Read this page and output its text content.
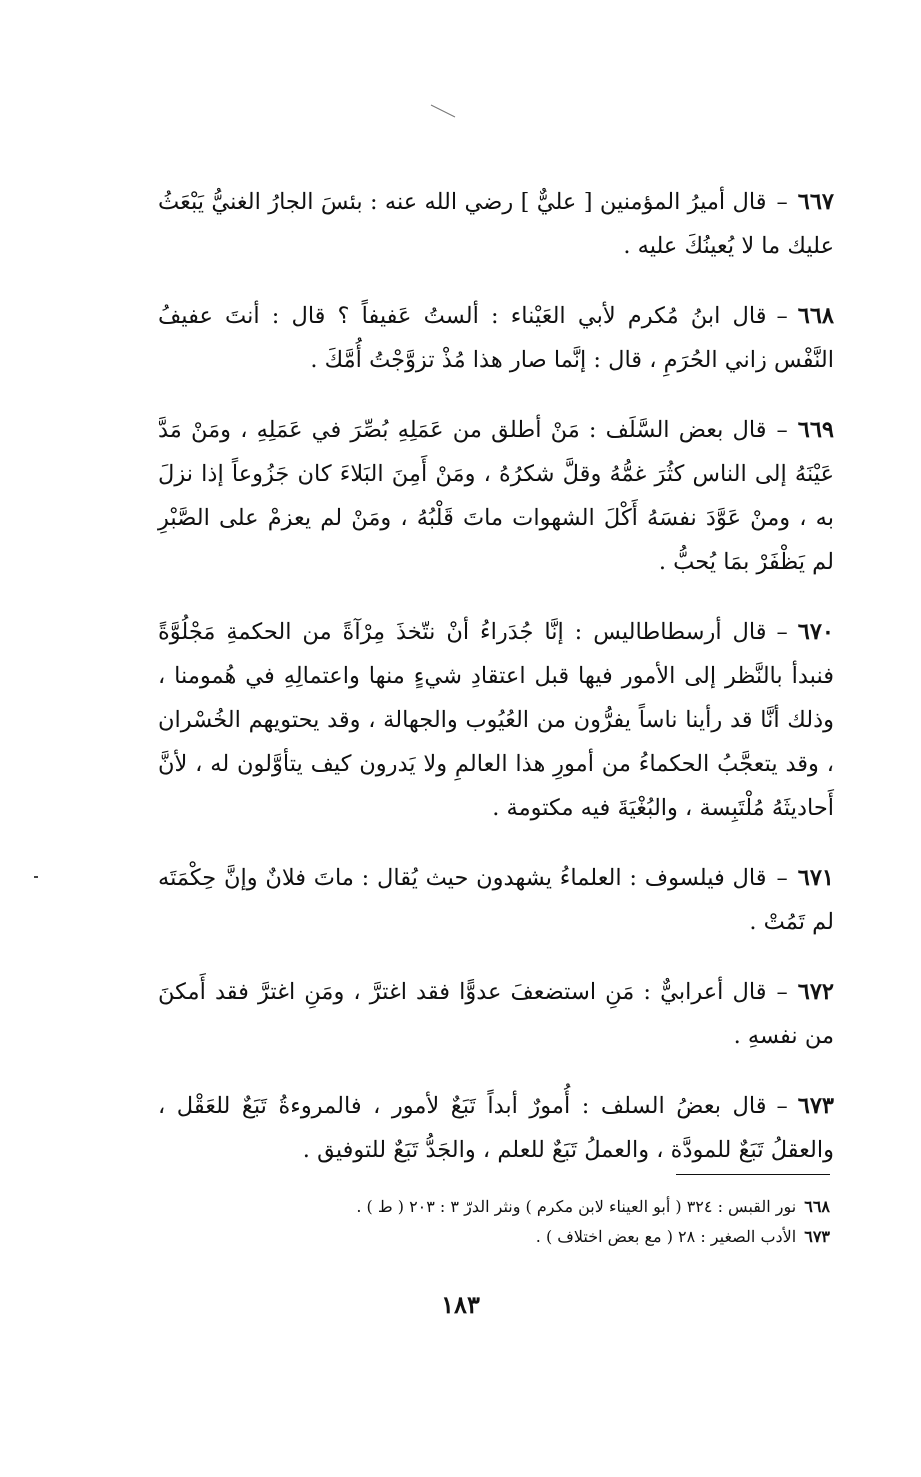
٦٦٧–قال أميرُ المؤمنين [ عليٌّ ] رضي الله عنه : بئسَ الجارُ الغنيُّ يَبْعَثُ عليك ما لا يُعينُكَ عليه .

٦٦٨–قال ابنُ مُكرم لأبي العَيْناء : ألستُ عَفيفاً ؟ قال : أنتَ عفيفُ النَّفْس زاني الحُرَمِ ، قال : إنَّما صار هذا مُذْ تزوَّجْتُ أُمَّكَ .

٦٦٩–قال بعض السَّلَف : مَنْ أطلق من عَمَلِهِ بُصِّرَ في عَمَلِهِ ، ومَنْ مَدَّ عَيْنَهُ إلى الناس كثُرَ غمُّهُ وقلَّ شكرُهُ ، ومَنْ أَمِنَ البَلاءَ كان جَزُوعاً إذا نزلَ به ، ومنْ عَوَّدَ نفسَهُ أَكْلَ الشهوات ماتَ قَلْبُهُ ، ومَنْ لم يعزمْ على الصَّبْرِ لم يَظْفَرْ بمَا يُحبُّ .

٦٧٠–قال أرسطاطاليس : إنَّا جُدَراءُ أنْ نتّخذَ مِرْآةً من الحكمةِ مَجْلُوَّةً فنبدأ بالنَّظر إلى الأمور فيها قبل اعتقادِ شيءٍ منها واعتمالِهِ في هُمومنا ، وذلك أنَّا قد رأينا ناساً يفرُّون من العُيُوب والجهالة ، وقد يحتويهم الخُسْران ، وقد يتعجَّبُ الحكماءُ من أمورِ هذا العالمِ ولا يَدرون كيف يتأوَّلون له ، لأنَّ أَحاديثَهُ مُلْتَبِسة ، والبُغْيَةَ فيه مكتومة .

٦٧١–قال فيلسوف : العلماءُ يشهدون حيث يُقال : ماتَ فلانٌ وإنَّ حِكْمَتَه لم تَمُتْ .

٦٧٢–قال أعرابيٌّ : مَنِ استضعفَ عدوًّا فقد اغترَّ ، ومَنِ اغترَّ فقد أَمكنَ من نفسهِ .

٦٧٣–قال بعضُ السلف : أُمورٌ أبداً تَبَعٌ لأمور ، فالمروءةُ تَبَعٌ للعَقْل ، والعقلُ تَبَعٌ للمودَّة ، والعملُ تَبَعٌ للعلم ، والجَدُّ تَبَعٌ للتوفيق .

٦٦٨نور القبس : ٣٢٤ ( أبو العيناء لابن مكرم ) ونثر الدرّ ٣ : ٢٠٣ ( ط ) .
٦٧٣الأدب الصغير : ٢٨ ( مع بعض اختلاف ) .
١٨٣
